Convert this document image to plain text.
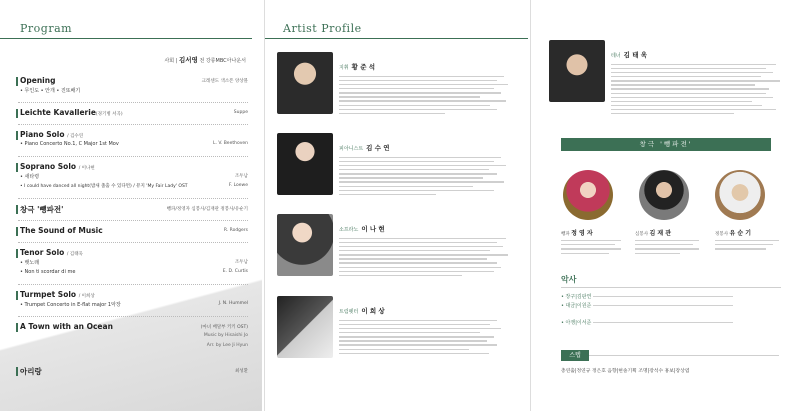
Program
사회 | 김서영 전 강릉MBC아나운서
Opening	크레센도 색소폰 앙상블
• 무인도 • 안개 • 진또배기
Leichte Kavallerie(경기병 서곡)	Suppe
Piano Solo / 김수연
• Piano Concerto No.1, C Major 1st Mov	L. V. Beethoven
Soprano Solo / 이나현
• 새타령	조두남
• I could have danced all night(밤새 춤출 수 있다면) / 뮤지 'My Fair Lady' OST	F. Loewe
창극 '뺑파전'	뺑파/정영자 심봉사/김재관 정봉사/유순기
The Sound of Music	R. Rodgers
Tenor Solo / 김태욱
• 뱃노래	조두남
• Non ti scordar di me	E. D. Curtis
Turmpet Solo / 이희상
• Trumpet Concerto in E-flat major 1악장	J. N. Hummel
A Town with an Ocean	(마녀 배달부 키키 OST)
Music by Hisaishi Jo
Arr. by Lee Ji Hyun
아리랑	최성환
Artist Profile
지휘 황 준 석
피아니스트 김 수 연
소프라노 이 나 현
트럼펫터 이 희 상
테너 김 태 욱
창극 '뺑파전'
뺑파 정 영 자	심봉사 김 재 관	정봉사 유 순 기
악사
• 장구|김판연
• 대금|이원준
• 아쟁|이서준
스텝
총연출|정연규 정은호 음향|현솔기획 조명|장석수 홍보|장상엽
